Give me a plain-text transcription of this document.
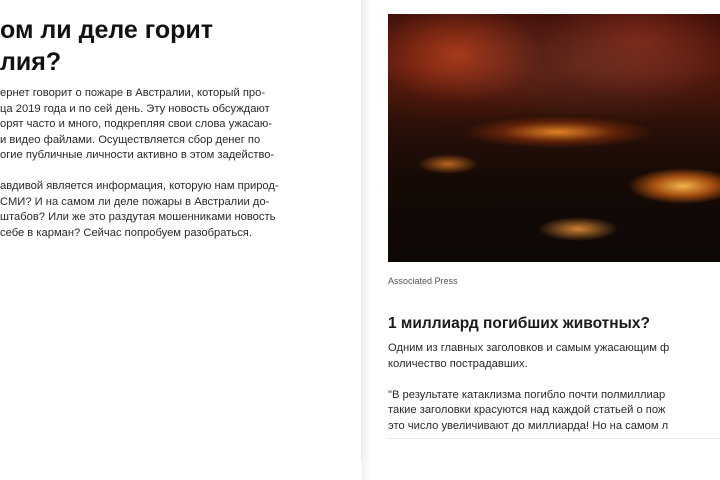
ом ли деле горит
лия?

ернет говорит о пожаре в Австралии, который про-
ца 2019 года и по сей день. Эту новость обсуждают
орят часто и много, подкрепляя свои слова ужасаю-
и видео файлами. Осуществляется сбор денег по
огие публичные личности активно в этом задейство-

авдивой является информация, которую нам природ-
СМИ? И на самом ли деле пожары в Австралии до-
штабов? Или же это раздутая мошенниками новость
себе в карман? Сейчас попробуем разобраться.

Associated Press
1 миллиард погибших животных?

Одним из главных заголовков и самым ужасающим ф
количество пострадавших.

"В результате катаклизма погибло почти полмиллиар
такие заголовки красуются над каждой статьей о пож
это число увеличивают до миллиарда! Но на самом л
